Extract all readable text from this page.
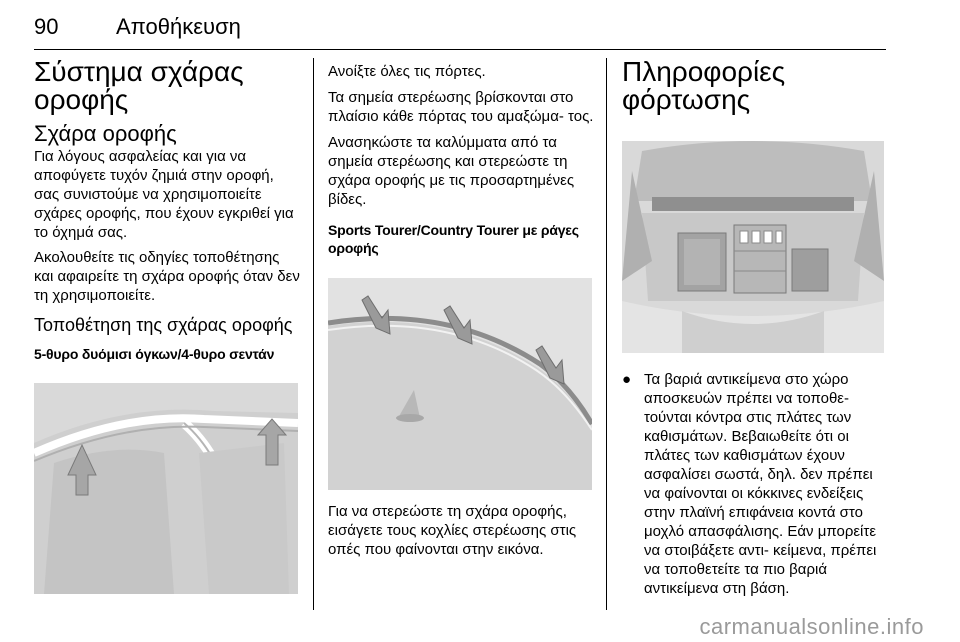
90	Αποθήκευση
Σύστημα σχάρας οροφής
Σχάρα οροφής

Για λόγους ασφαλείας και για να αποφύγετε τυχόν ζημιά στην οροφή, σας συνιστούμε να χρησιμοποιείτε σχάρες οροφής, που έχουν εγκριθεί για το όχημά σας.

Ακολουθείτε τις οδηγίες τοποθέτησης και αφαιρείτε τη σχάρα οροφής όταν δεν τη χρησιμοποιείτε.

Τοποθέτηση της σχάρας οροφής
5-θυρο δυόμισι όγκων/4-θυρο σεντάν

Ανοίξτε όλες τις πόρτες.

Τα σημεία στερέωσης βρίσκονται στο πλαίσιο κάθε πόρτας του αμαξώμα- τος.

Ανασηκώστε τα καλύμματα από τα σημεία στερέωσης και στερεώστε τη σχάρα οροφής με τις προσαρτημένες βίδες.

Sports Tourer/Country Tourer με ράγες οροφής

Για να στερεώστε τη σχάρα οροφής, εισάγετε τους κοχλίες στερέωσης στις οπές που φαίνονται στην εικόνα.

Πληροφορίες φόρτωσης
● Τα βαριά αντικείμενα στο χώρο αποσκευών πρέπει να τοποθε- τούνται κόντρα στις πλάτες των καθισμάτων. Βεβαιωθείτε ότι οι πλάτες των καθισμάτων έχουν ασφαλίσει σωστά, δηλ. δεν πρέπει να φαίνονται οι κόκκινες ενδείξεις στην πλαϊνή επιφάνεια κοντά στο μοχλό απασφάλισης. Εάν μπορείτε να στοιβάξετε αντι- κείμενα, πρέπει να τοποθετείτε τα πιο βαριά αντικείμενα στη βάση.
carmanualsonline.info
